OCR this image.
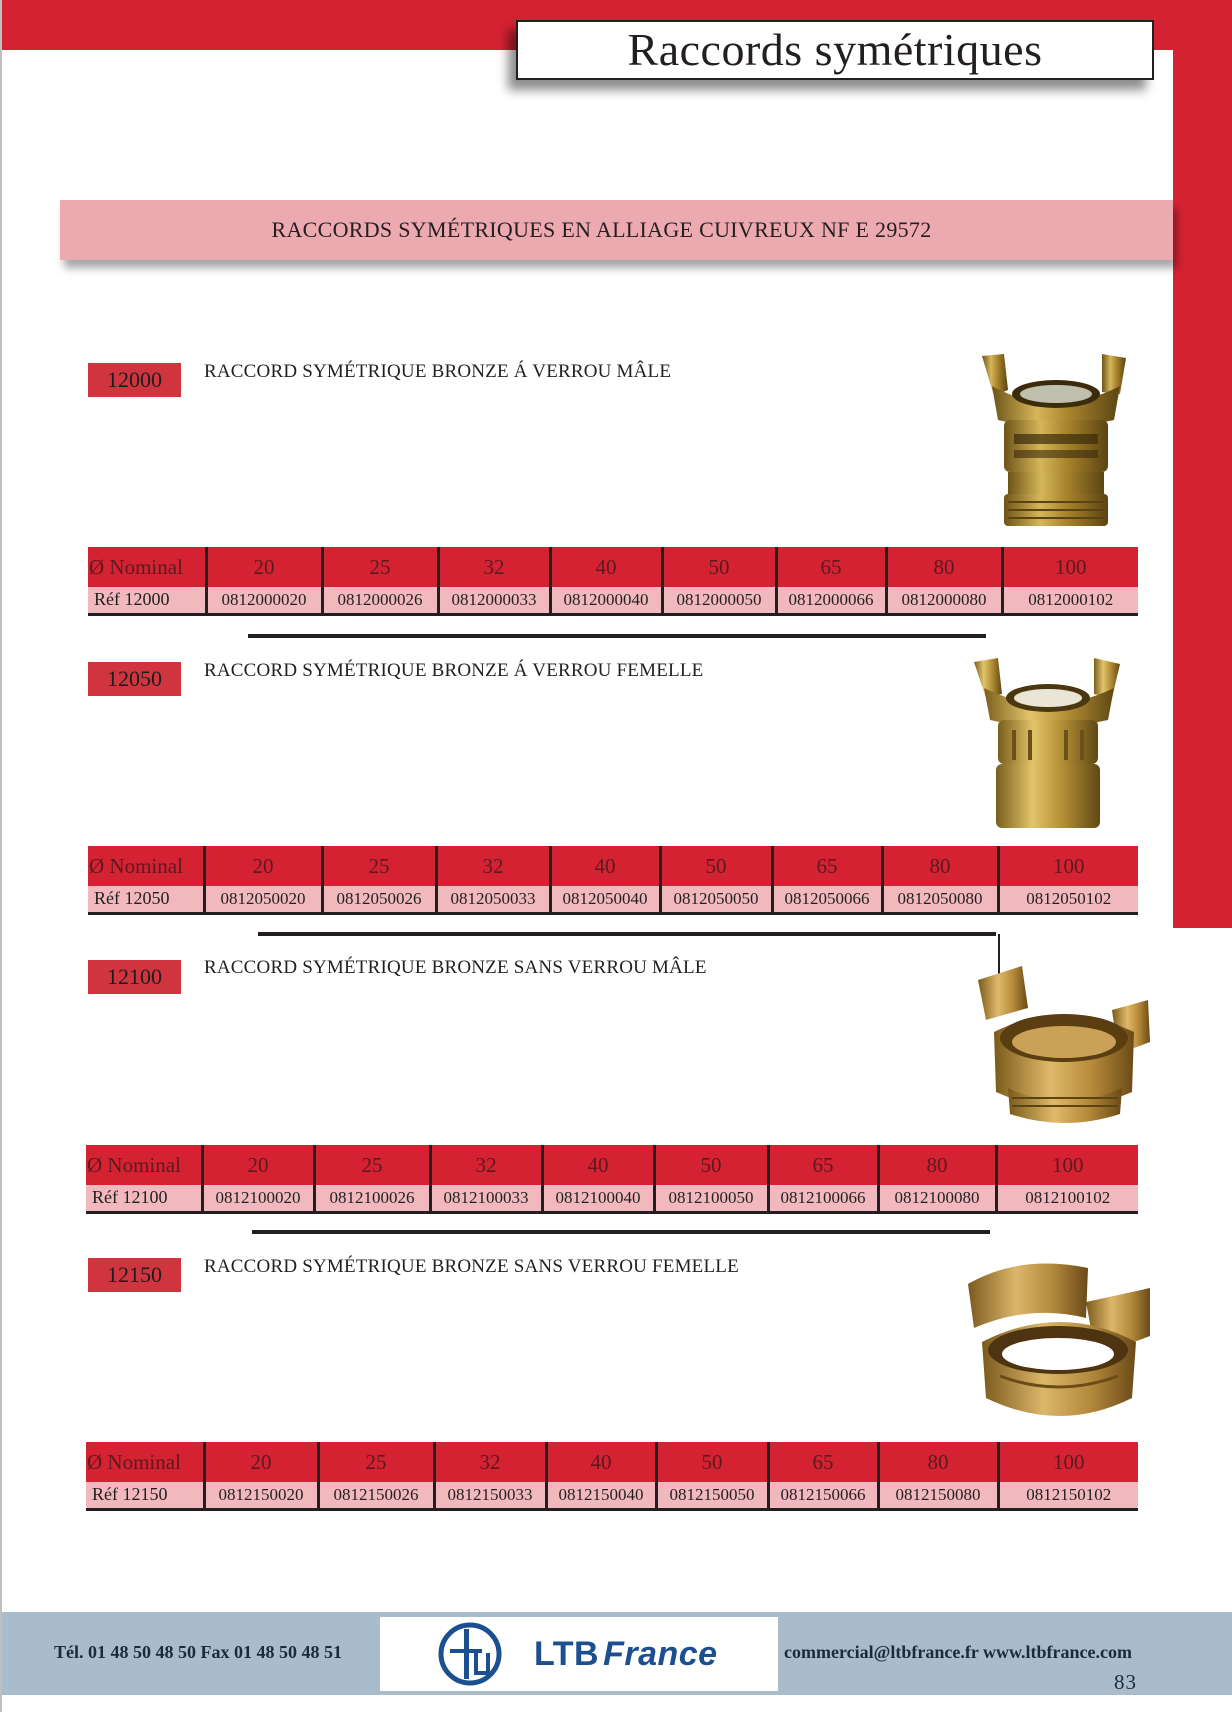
Raccords symétriques
RACCORDS SYMÉTRIQUES EN ALLIAGE CUIVREUX NF E 29572
12000	RACCORD SYMÉTRIQUE BRONZE Á VERROU MÂLE
Ø Nominal	20	25	32	40	50	65	80	100
Réf 12000	0812000020	0812000026	0812000033	0812000040	0812000050	0812000066	0812000080	0812000102
12050	RACCORD SYMÉTRIQUE BRONZE Á VERROU FEMELLE
Ø Nominal	20	25	32	40	50	65	80	100
Réf 12050	0812050020	0812050026	0812050033	0812050040	0812050050	0812050066	0812050080	0812050102
12100	RACCORD SYMÉTRIQUE BRONZE SANS VERROU MÂLE
Ø Nominal	20	25	32	40	50	65	80	100
Réf 12100	0812100020	0812100026	0812100033	0812100040	0812100050	0812100066	0812100080	0812100102
12150	RACCORD SYMÉTRIQUE BRONZE SANS VERROU FEMELLE
Ø Nominal	20	25	32	40	50	65	80	100
Réf 12150	0812150020	0812150026	0812150033	0812150040	0812150050	0812150066	0812150080	0812150102
Tél. 01 48 50 48 50 Fax 01 48 50 48 51	LTB France	commercial@ltbfrance.fr www.ltbfrance.com
83
